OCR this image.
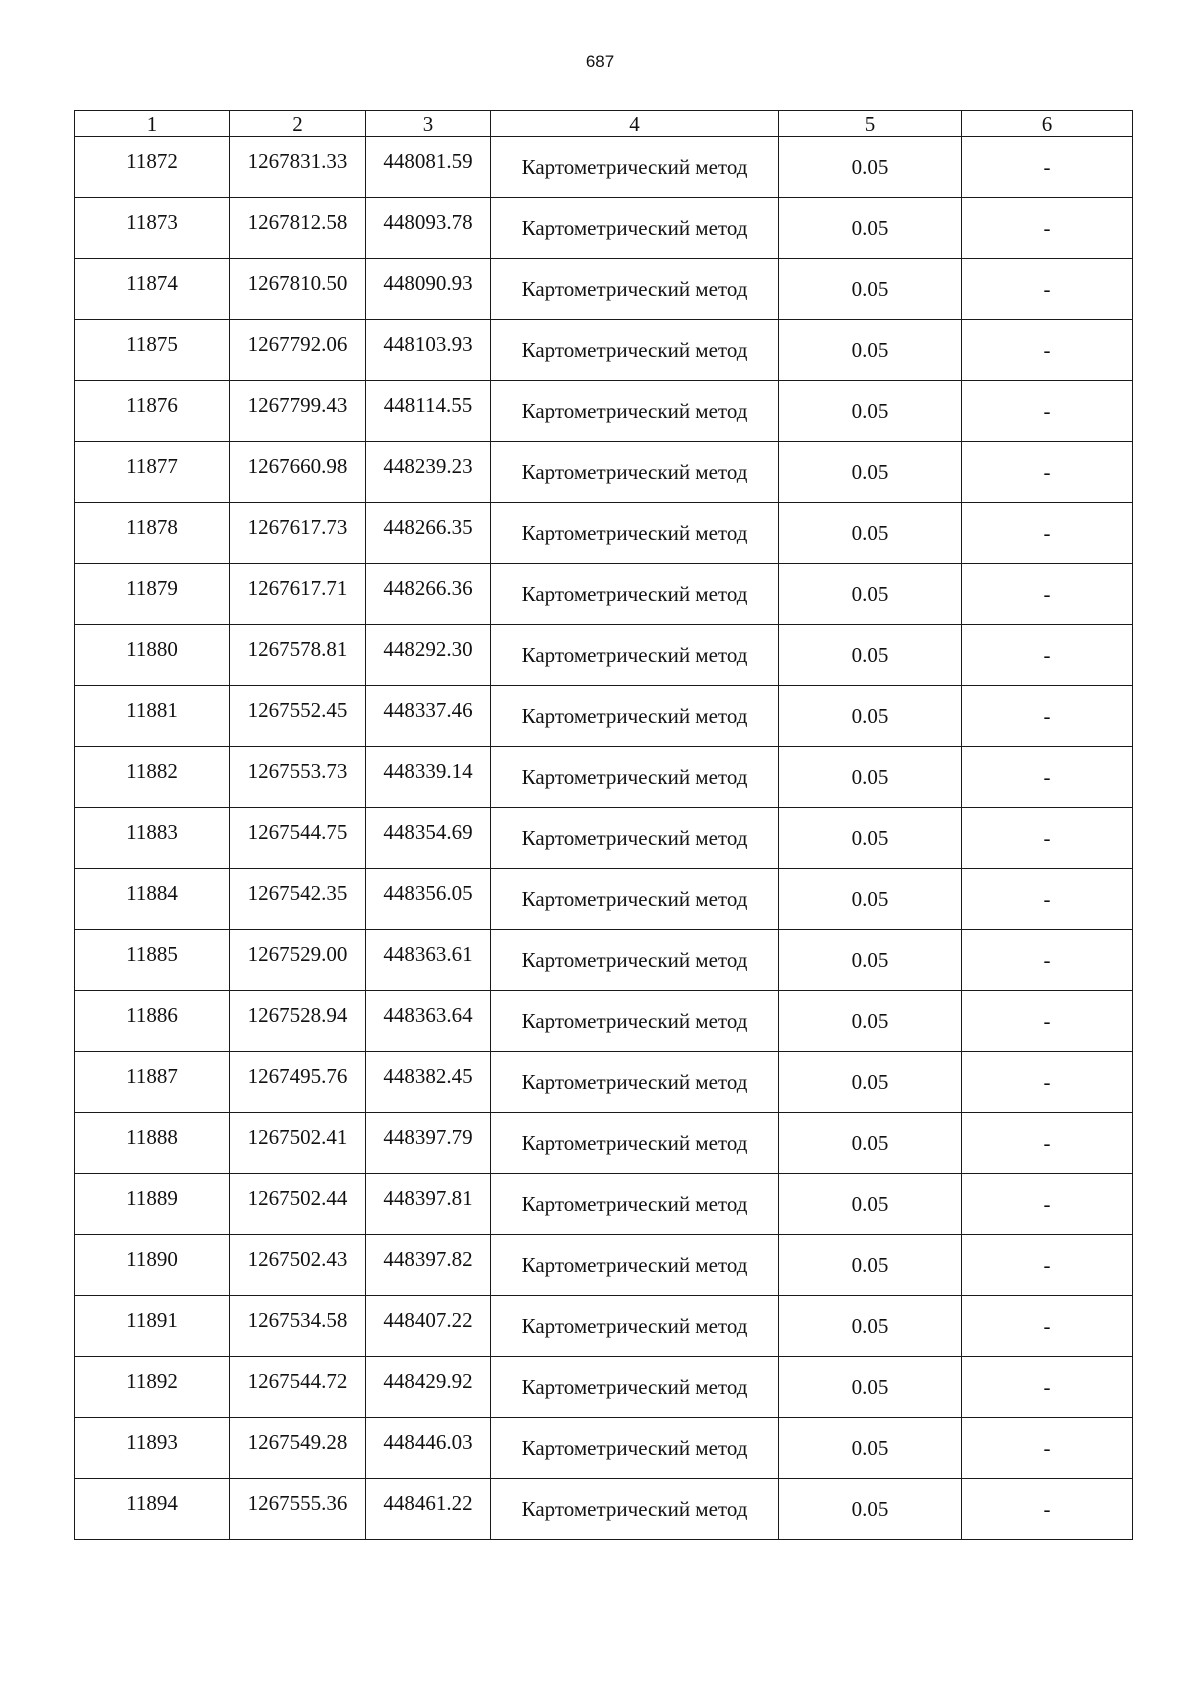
687
1	2	3	4	5	6
11872	1267831.33	448081.59	Картометрический метод	0.05	-
11873	1267812.58	448093.78	Картометрический метод	0.05	-
11874	1267810.50	448090.93	Картометрический метод	0.05	-
11875	1267792.06	448103.93	Картометрический метод	0.05	-
11876	1267799.43	448114.55	Картометрический метод	0.05	-
11877	1267660.98	448239.23	Картометрический метод	0.05	-
11878	1267617.73	448266.35	Картометрический метод	0.05	-
11879	1267617.71	448266.36	Картометрический метод	0.05	-
11880	1267578.81	448292.30	Картометрический метод	0.05	-
11881	1267552.45	448337.46	Картометрический метод	0.05	-
11882	1267553.73	448339.14	Картометрический метод	0.05	-
11883	1267544.75	448354.69	Картометрический метод	0.05	-
11884	1267542.35	448356.05	Картометрический метод	0.05	-
11885	1267529.00	448363.61	Картометрический метод	0.05	-
11886	1267528.94	448363.64	Картометрический метод	0.05	-
11887	1267495.76	448382.45	Картометрический метод	0.05	-
11888	1267502.41	448397.79	Картометрический метод	0.05	-
11889	1267502.44	448397.81	Картометрический метод	0.05	-
11890	1267502.43	448397.82	Картометрический метод	0.05	-
11891	1267534.58	448407.22	Картометрический метод	0.05	-
11892	1267544.72	448429.92	Картометрический метод	0.05	-
11893	1267549.28	448446.03	Картометрический метод	0.05	-
11894	1267555.36	448461.22	Картометрический метод	0.05	-
